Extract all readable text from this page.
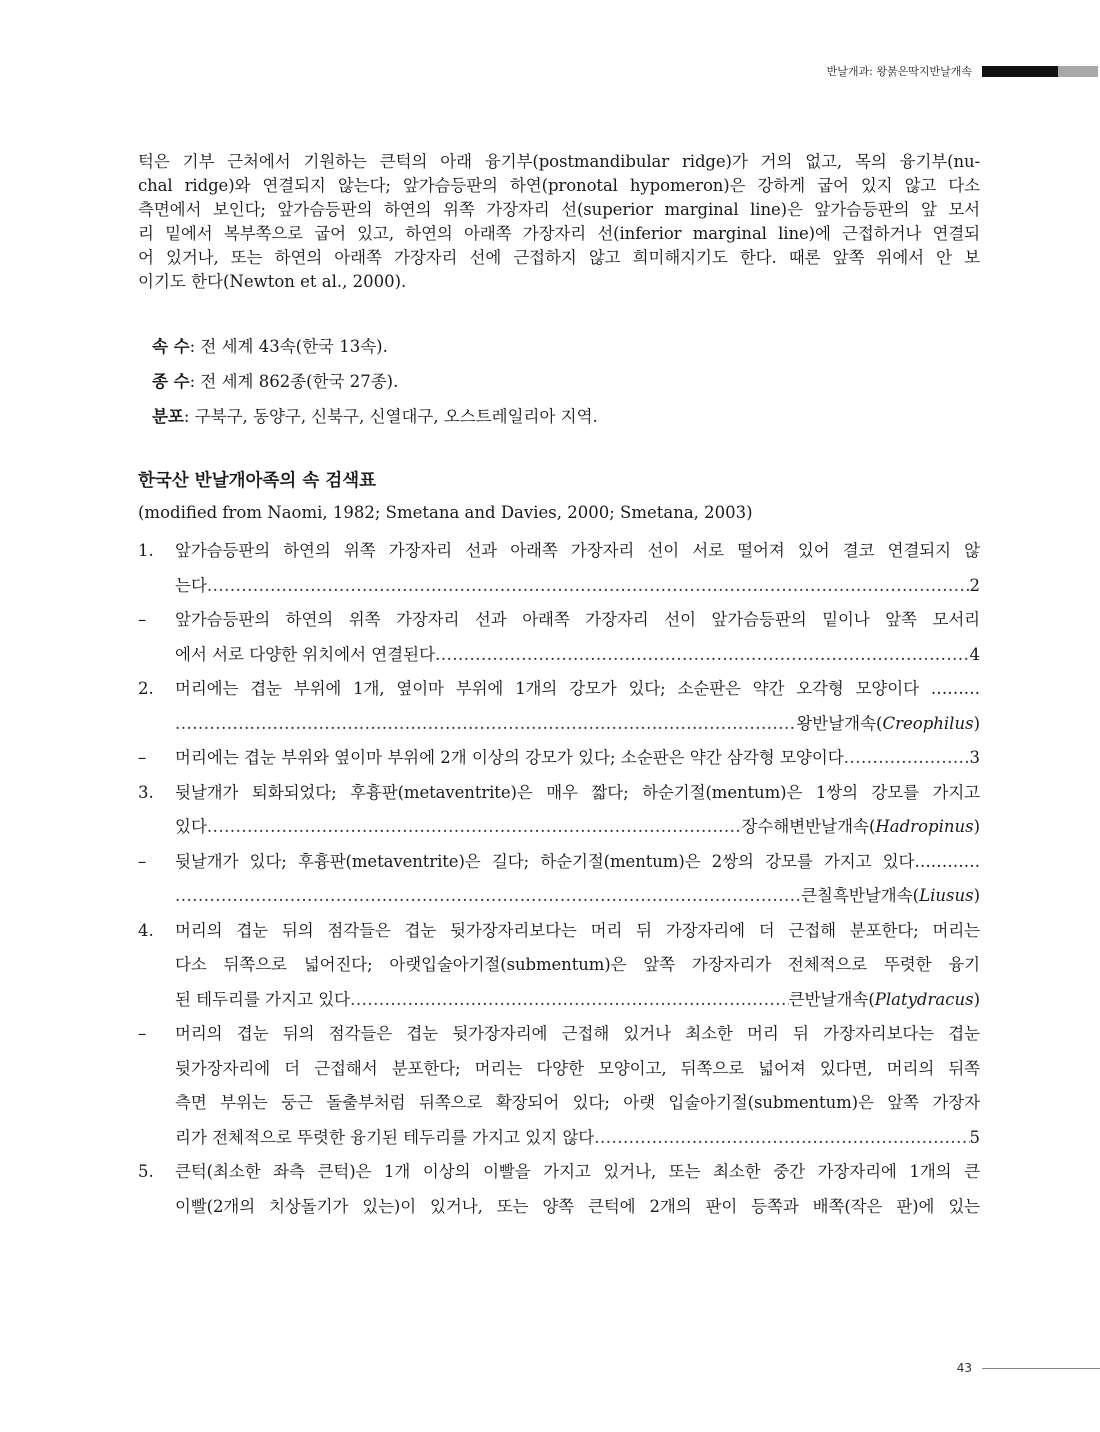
반날개과: 왕붉은딱지반날개속
턱은 기부 근처에서 기원하는 큰턱의 아래 융기부(postmandibular ridge)가 거의 없고, 목의 융기부(nu-
chal ridge)와 연결되지 않는다; 앞가슴등판의 하연(pronotal hypomeron)은 강하게 굽어 있지 않고 다소
측면에서 보인다; 앞가슴등판의 하연의 위쪽 가장자리 선(superior marginal line)은 앞가슴등판의 앞 모서
리 밑에서 복부쪽으로 굽어 있고, 하연의 아래쪽 가장자리 선(inferior marginal line)에 근접하거나 연결되
어 있거나, 또는 하연의 아래쪽 가장자리 선에 근접하지 않고 희미해지기도 한다. 때론 앞쪽 위에서 안 보
이기도 한다(Newton et al., 2000).
속 수: 전 세계 43속(한국 13속).
종 수: 전 세계 862종(한국 27종).
분포: 구북구, 동양구, 신북구, 신열대구, 오스트레일리아 지역.
한국산 반날개아족의 속 검색표
(modified from Naomi, 1982; Smetana and Davies, 2000; Smetana, 2003)
1.	앞가슴등판의 하연의 위쪽 가장자리 선과 아래쪽 가장자리 선이 서로 떨어져 있어 결코 연결되지 않
는다 .....	2
–	앞가슴등판의 하연의 위쪽 가장자리 선과 아래쪽 가장자리 선이 앞가슴등판의 밑이나 앞쪽 모서리
에서 서로 다양한 위치에서 연결된다 .....	4
2.	머리에는 겹눈 부위에 1개, 옆이마 부위에 1개의 강모가 있다; 소순판은 약간 오각형 모양이다 ………
.....
왕반날개속(Creophilus)
–	머리에는 겹눈 부위와 옆이마 부위에 2개 이상의 강모가 있다; 소순판은 약간 삼각형 모양이다 .....	3
3.	뒷날개가 퇴화되었다; 후흉판(metaventrite)은 매우 짧다; 하순기절(mentum)은 1쌍의 강모를 가지고
있다 .....	장수해변반날개속(Hadropinus)
–	뒷날개가 있다; 후흉판(metaventrite)은 길다; 하순기절(mentum)은 2쌍의 강모를 가지고 있다…………
.....
큰칠흑반날개속(Liusus)
4.	머리의 겹눈 뒤의 점각들은 겹눈 뒷가장자리보다는 머리 뒤 가장자리에 더 근접해 분포한다; 머리는
다소 뒤쪽으로 넓어진다; 아랫입술아기절(submentum)은 앞쪽 가장자리가 전체적으로 뚜렷한 융기
된 테두리를 가지고 있다 .....	큰반날개속(Platydracus)
–	머리의 겹눈 뒤의 점각들은 겹눈 뒷가장자리에 근접해 있거나 최소한 머리 뒤 가장자리보다는 겹눈
뒷가장자리에 더 근접해서 분포한다; 머리는 다양한 모양이고, 뒤쪽으로 넓어져 있다면, 머리의 뒤쪽
측면 부위는 둥근 돌출부처럼 뒤쪽으로 확장되어 있다; 아랫 입술아기절(submentum)은 앞쪽 가장자
리가 전체적으로 뚜렷한 융기된 테두리를 가지고 있지 않다 .....	5
5.	큰턱(최소한 좌측 큰턱)은 1개 이상의 이빨을 가지고 있거나, 또는 최소한 중간 가장자리에 1개의 큰
이빨(2개의 치상돌기가 있는)이 있거나, 또는 양쪽 큰턱에 2개의 판이 등쪽과 배쪽(작은 판)에 있는
43
